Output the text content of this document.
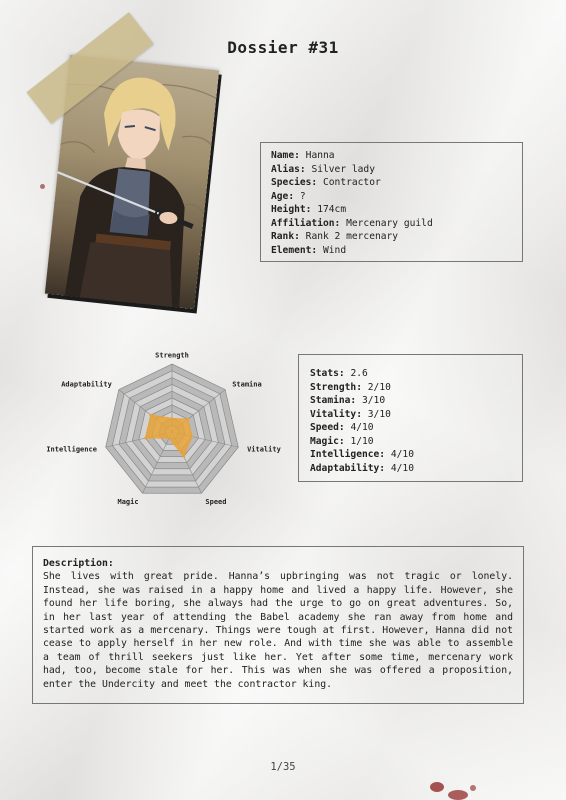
Dossier #31
Name: Hanna
Alias: Silver lady
Species: Contractor
Age: ?
Height: 174cm
Affiliation: Mercenary guild
Rank: Rank 2 mercenary
Element: Wind
Strength
Stamina
Vitality
Speed
Magic
Intelligence
Adaptability
Stats: 2.6
Strength: 2/10
Stamina: 3/10
Vitality: 3/10
Speed: 4/10
Magic: 1/10
Intelligence: 4/10
Adaptability: 4/10
Description:
She lives with great pride. Hanna’s upbringing was not tragic or lonely. Instead, she was raised in a happy home and lived a happy life. However, she found her life boring, she always had the urge to go on great adventures. So, in her last year of attending the Babel academy she ran away from home and started work as a mercenary. Things were tough at first. However, Hanna did not cease to apply herself in her new role. And with time she was able to assemble a team of thrill seekers just like her. Yet after some time, mercenary work had, too, become stale for her. This was when she was offered a proposition, enter the Undercity and meet the contractor king.
1/35
